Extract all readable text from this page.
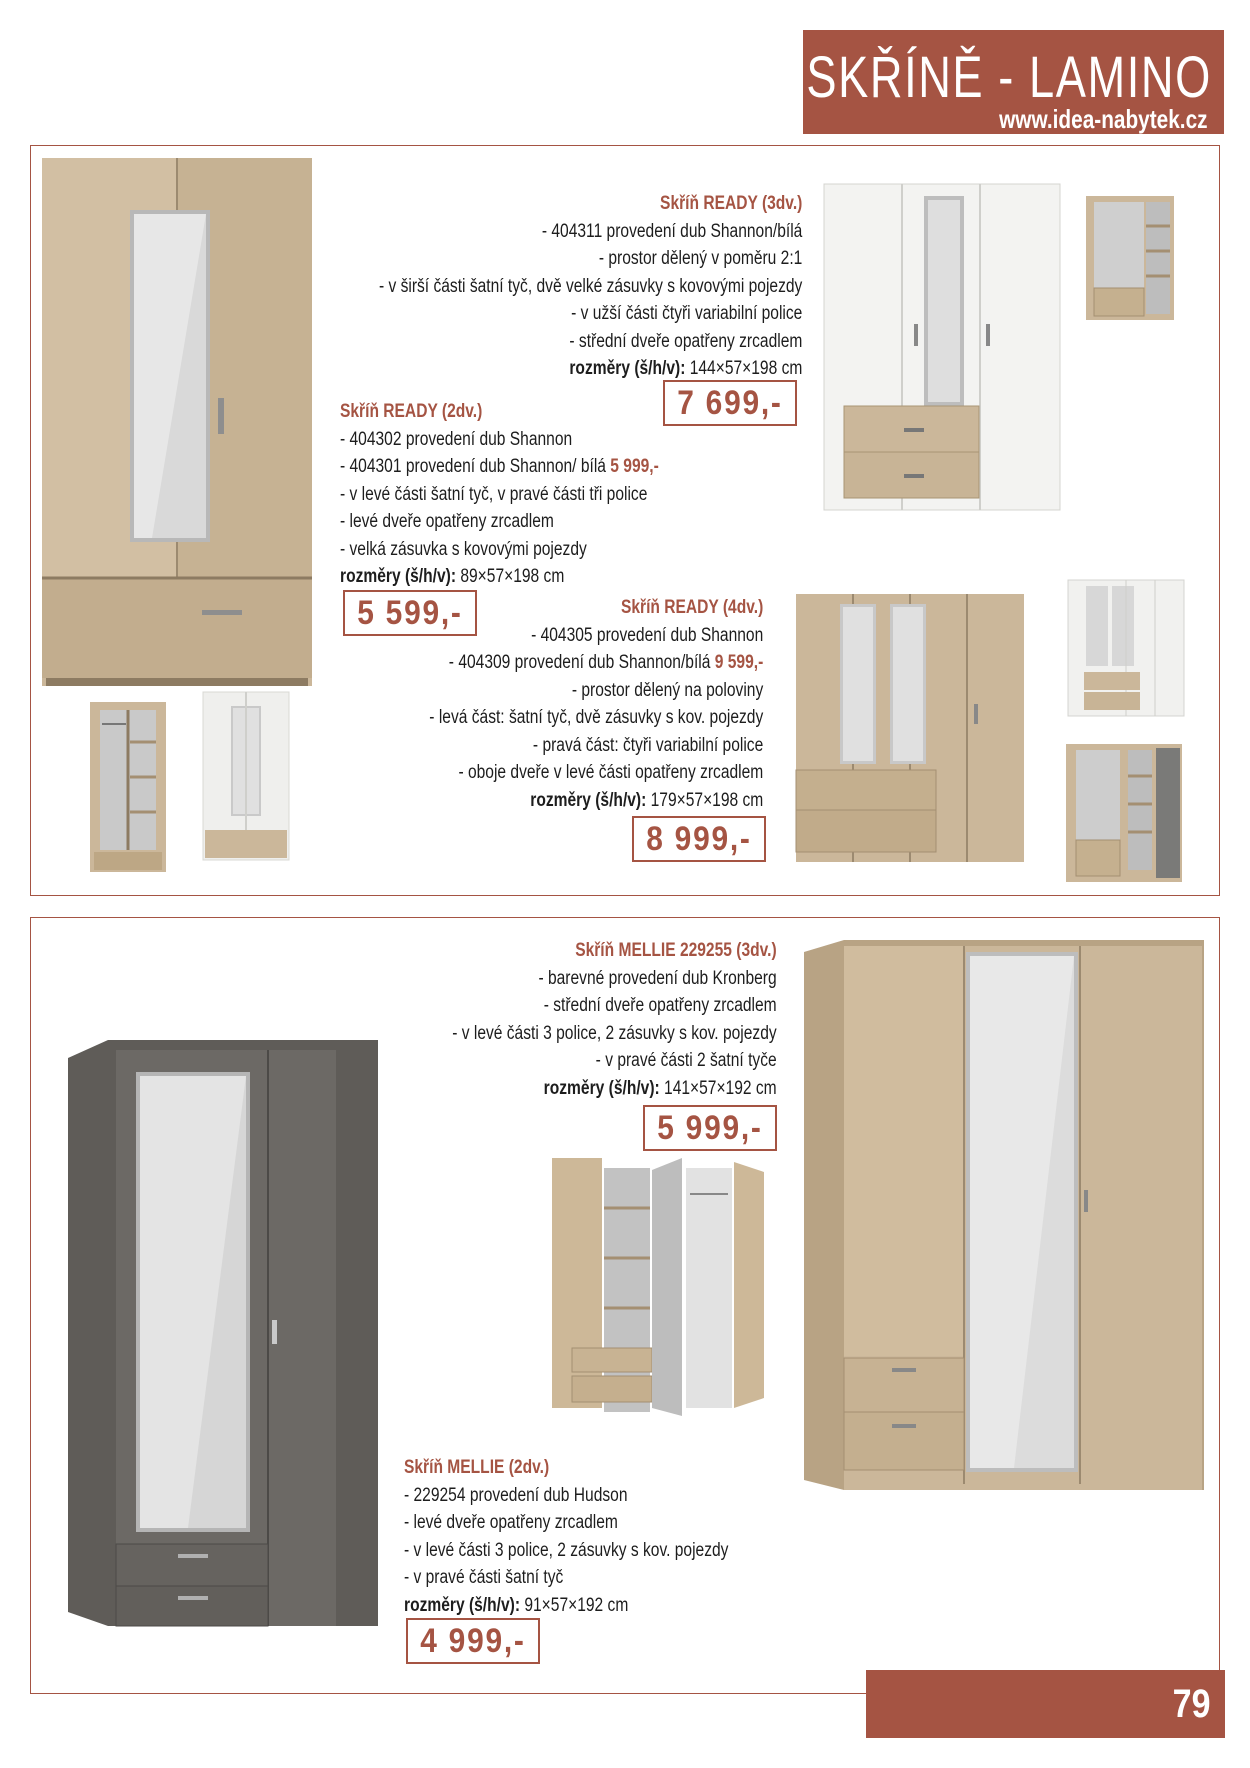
SKŘÍNĚ - LAMINO
www.idea-nabytek.cz
Skříň READY (3dv.)
- 404311 provedení dub Shannon/bílá
- prostor dělený v poměru 2:1
- v širší části šatní tyč, dvě velké zásuvky s kovovými pojezdy
- v užší části čtyři variabilní police
- střední dveře opatřeny zrcadlem
rozměry (š/h/v): 144×57×198 cm
7 699,-
Skříň READY (2dv.)
- 404302 provedení dub Shannon
- 404301 provedení dub Shannon/ bílá 5 999,-
- v levé části šatní tyč, v pravé části tři police
- levé dveře opatřeny zrcadlem
- velká zásuvka s kovovými pojezdy
rozměry (š/h/v): 89×57×198 cm
5 599,-	Skříň READY (4dv.)
- 404305 provedení dub Shannon
- 404309 provedení dub Shannon/bílá 9 599,-
- prostor dělený na poloviny
- levá část: šatní tyč, dvě zásuvky s kov. pojezdy
- pravá část: čtyři variabilní police
- oboje dveře v levé části opatřeny zrcadlem
rozměry (š/h/v): 179×57×198 cm
8 999,-
Skříň MELLIE 229255 (3dv.)
- barevné provedení dub Kronberg
- střední dveře opatřeny zrcadlem
- v levé části 3 police, 2 zásuvky s kov. pojezdy
- v pravé části 2 šatní tyče
rozměry (š/h/v): 141×57×192 cm
5 999,-
Skříň MELLIE (2dv.)
- 229254 provedení dub Hudson
- levé dveře opatřeny zrcadlem
- v levé části 3 police, 2 zásuvky s kov. pojezdy
- v pravé části šatní tyč
rozměry (š/h/v): 91×57×192 cm
4 999,-
79
